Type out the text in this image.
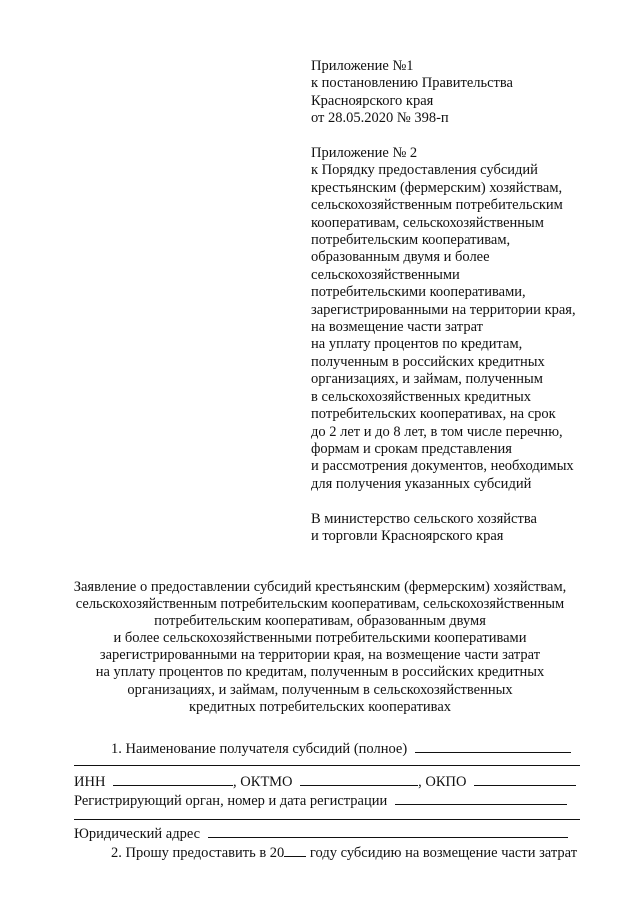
Приложение №1
к постановлению Правительства
Красноярского края
от 28.05.2020 № 398-п
Приложение № 2
к Порядку предоставления субсидий
крестьянским (фермерским) хозяйствам,
сельскохозяйственным потребительским
кооперативам, сельскохозяйственным
потребительским кооперативам,
образованным двумя и более
сельскохозяйственными
потребительскими кооперативами,
зарегистрированными на территории края,
на возмещение части затрат
на уплату процентов по кредитам,
полученным в российских кредитных
организациях, и займам, полученным
в сельскохозяйственных кредитных
потребительских кооперативах, на срок
до 2 лет и до 8 лет, в том числе перечню,
формам и срокам представления
и рассмотрения документов, необходимых
для получения указанных субсидий
В министерство сельского хозяйства
и торговли Красноярского края
Заявление о предоставлении субсидий крестьянским (фермерским) хозяйствам,
сельскохозяйственным потребительским кооперативам, сельскохозяйственным
потребительским кооперативам, образованным двумя
и более сельскохозяйственными потребительскими кооперативами
зарегистрированными на территории края, на возмещение части затрат
на уплату процентов по кредитам, полученным в российских кредитных
организациях, и займам, полученным в сельскохозяйственных
кредитных потребительских кооперативах
1. Наименование получателя субсидий (полное)
ИНН	, ОКТМО	, ОКПО
Регистрирующий орган, номер и дата регистрации
Юридический адрес
2. Прошу предоставить в 20 году субсидию на возмещение части затрат
